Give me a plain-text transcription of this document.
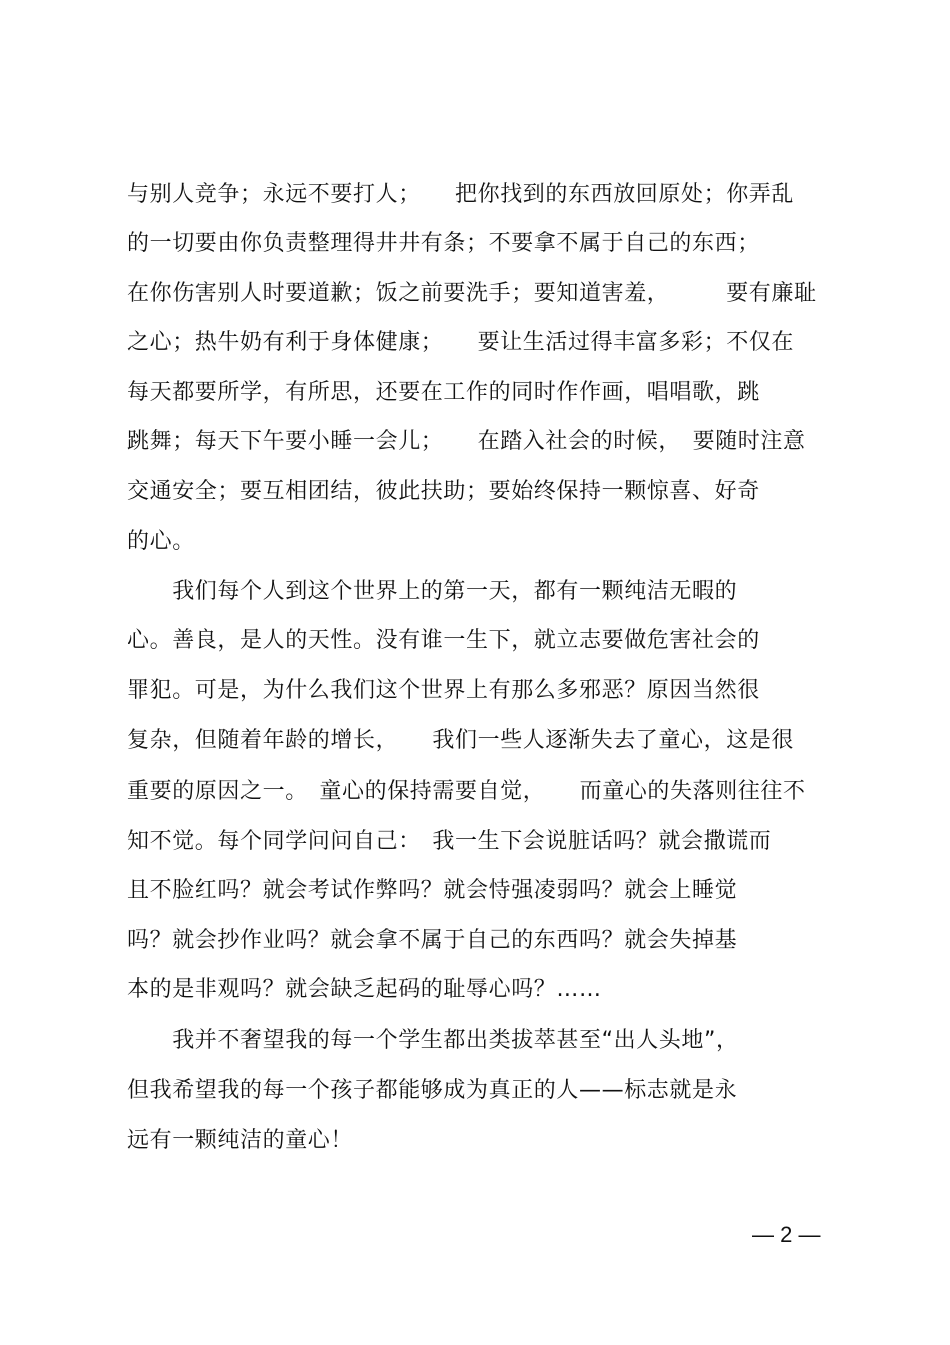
与别人竞争；永远不要打人；　　把你找到的东西放回原处；你弄乱
的一切要由你负责整理得井井有条；不要拿不属于自己的东西；
在你伤害别人时要道歉；饭之前要洗手；要知道害羞，　　　要有廉耻
之心；热牛奶有利于身体健康；　　要让生活过得丰富多彩；不仅在
每天都要所学，有所思，还要在工作的同时作作画，唱唱歌，跳
跳舞；每天下午要小睡一会儿；　　在踏入社会的时候，　要随时注意
交通安全；要互相团结，彼此扶助；要始终保持一颗惊喜、好奇
的心。
　　我们每个人到这个世界上的第一天，都有一颗纯洁无暇的
心。善良，是人的天性。没有谁一生下，就立志要做危害社会的
罪犯。可是，为什么我们这个世界上有那么多邪恶？原因当然很
复杂，但随着年龄的增长，　　我们一些人逐渐失去了童心，这是很
重要的原因之一。　童心的保持需要自觉，　　而童心的失落则往往不
知不觉。每个同学问问自己：　我一生下会说脏话吗？就会撒谎而
且不脸红吗？就会考试作弊吗？就会恃强凌弱吗？就会上睡觉
吗？就会抄作业吗？就会拿不属于自己的东西吗？就会失掉基
本的是非观吗？就会缺乏起码的耻辱心吗？……
　　我并不奢望我的每一个学生都出类拔萃甚至“出人头地”，
但我希望我的每一个孩子都能够成为真正的人——标志就是永
远有一颗纯洁的童心！
— 2 —
